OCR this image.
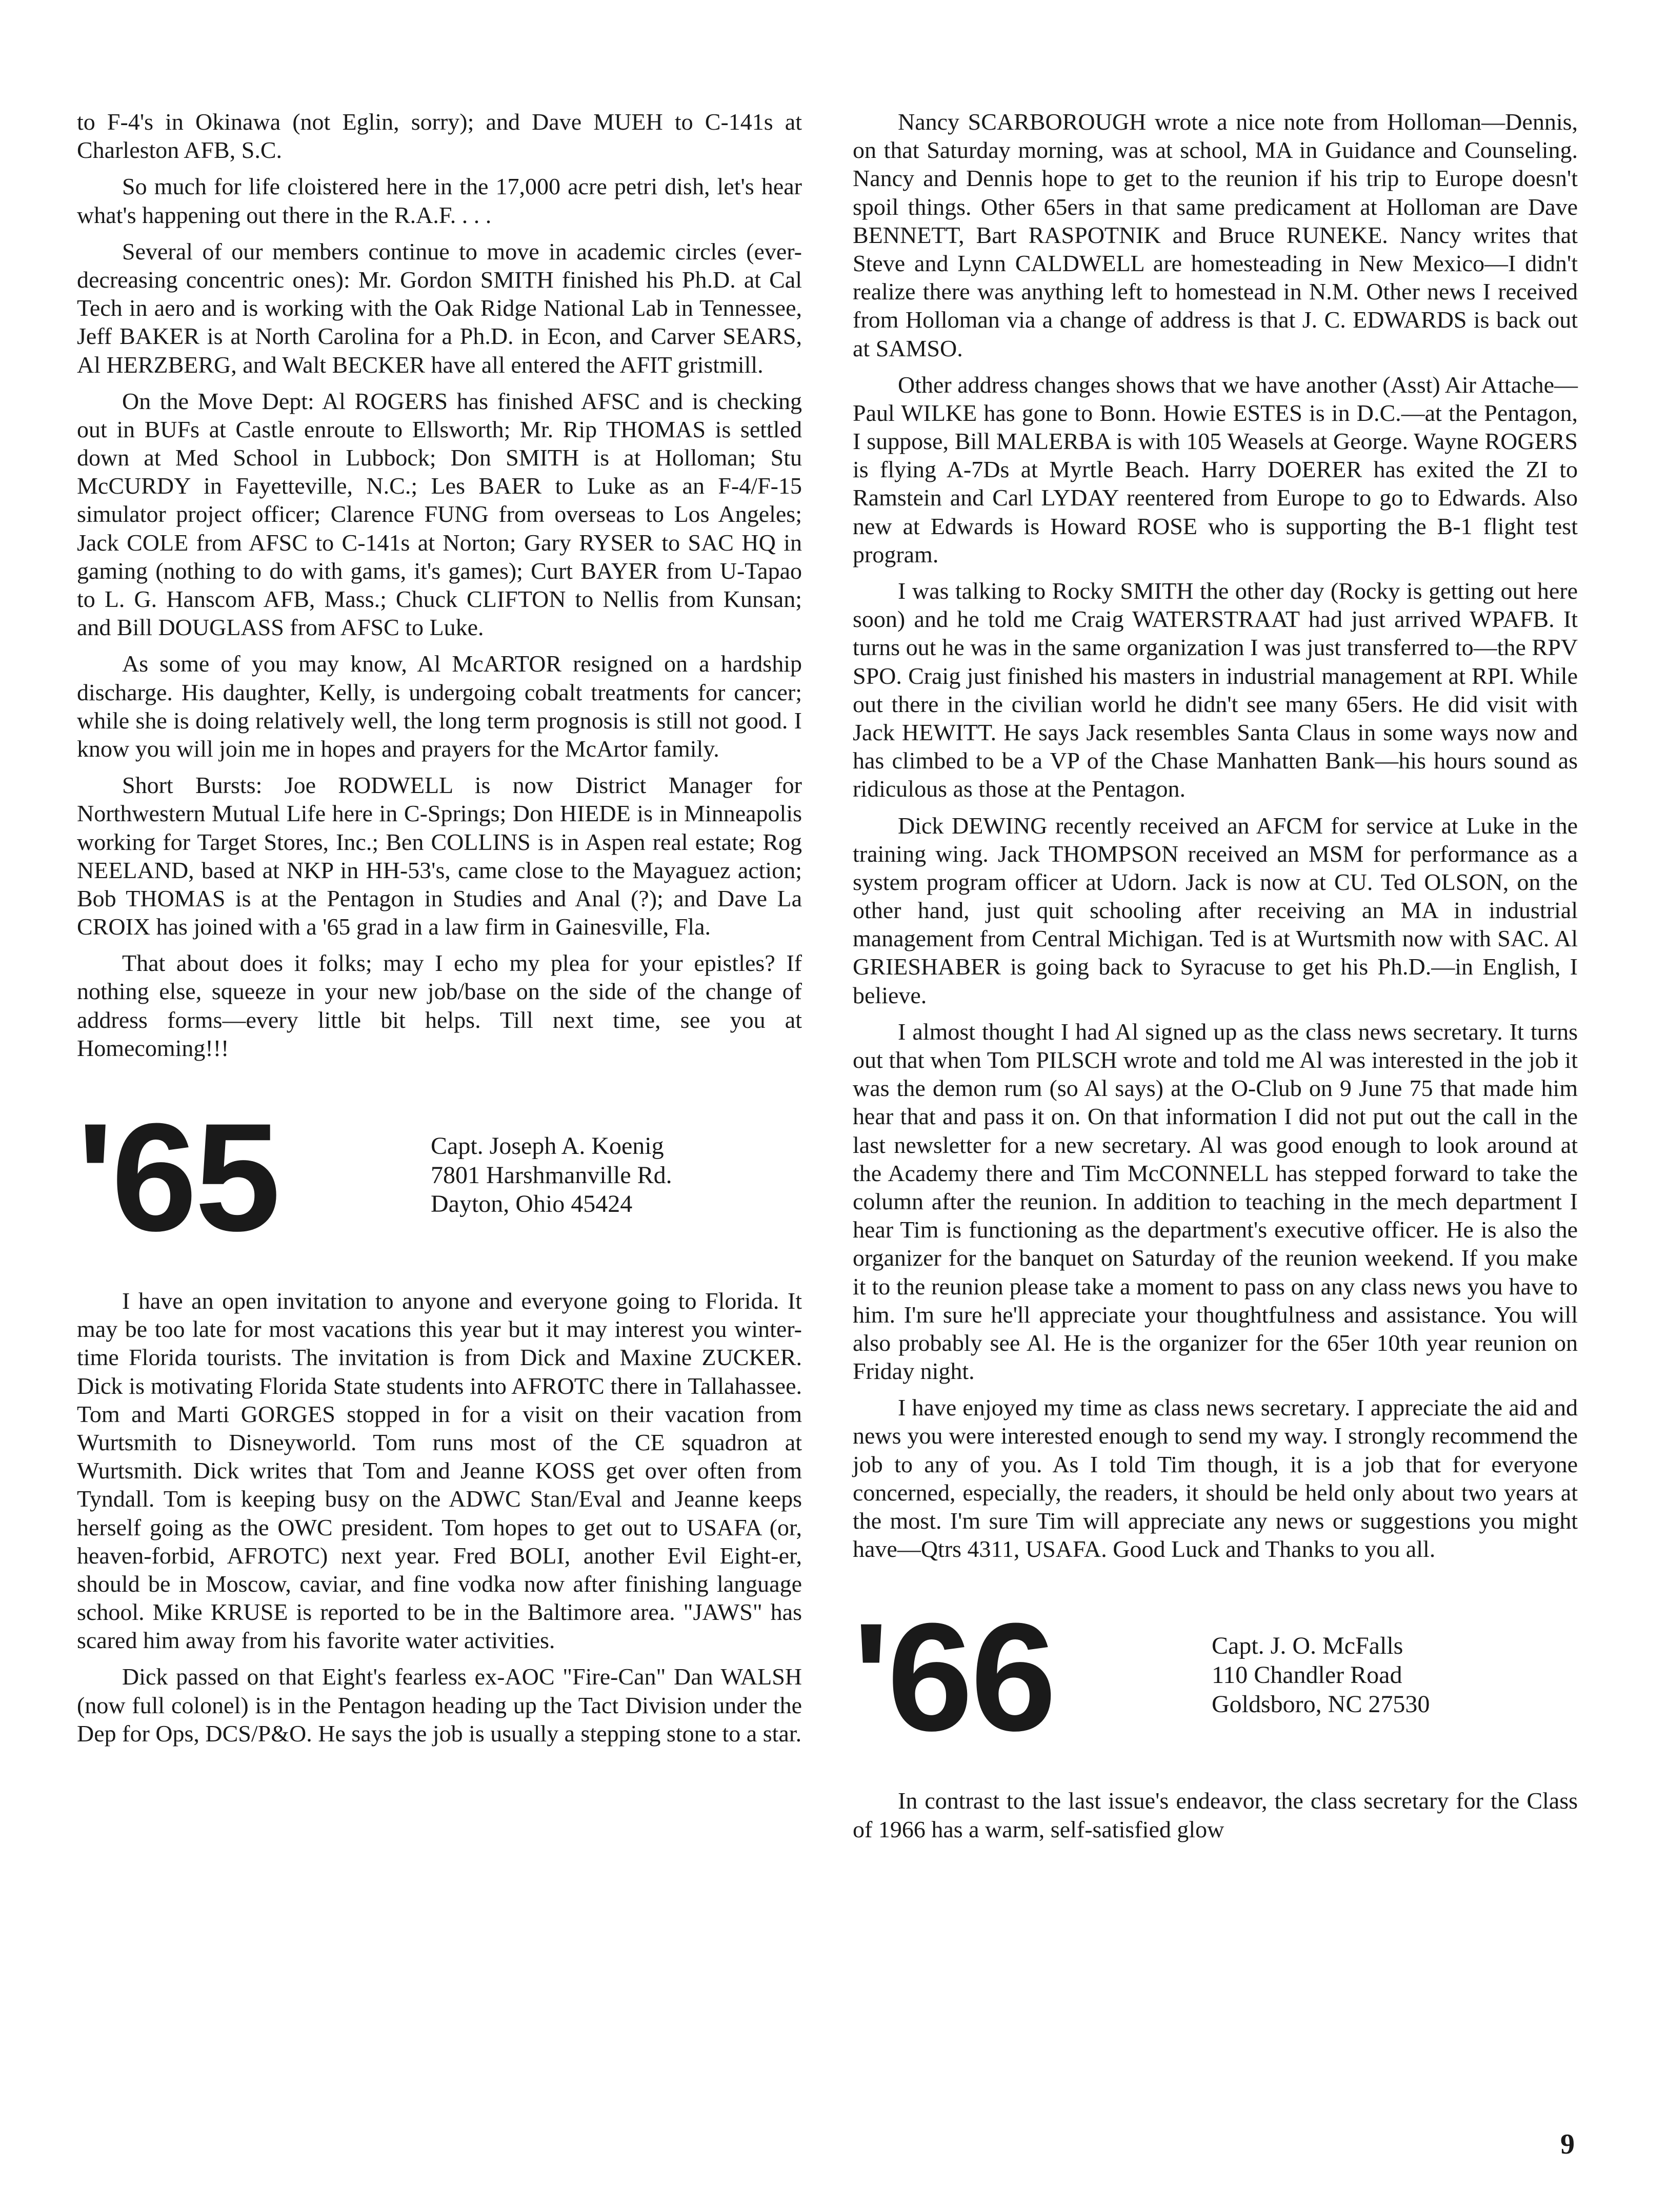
to F-4's in Okinawa (not Eglin, sorry); and Dave MUEH to C-141s at Charleston AFB, S.C.

So much for life cloistered here in the 17,000 acre petri dish, let's hear what's happening out there in the R.A.F. . . .

Several of our members continue to move in academic circles (ever-decreasing concentric ones): Mr. Gordon SMITH finished his Ph.D. at Cal Tech in aero and is working with the Oak Ridge National Lab in Tennessee, Jeff BAKER is at North Carolina for a Ph.D. in Econ, and Carver SEARS, Al HERZBERG, and Walt BECKER have all entered the AFIT gristmill.

On the Move Dept: Al ROGERS has finished AFSC and is checking out in BUFs at Castle enroute to Ellsworth; Mr. Rip THOMAS is settled down at Med School in Lubbock; Don SMITH is at Holloman; Stu McCURDY in Fayetteville, N.C.; Les BAER to Luke as an F-4/F-15 simulator project officer; Clarence FUNG from overseas to Los Angeles; Jack COLE from AFSC to C-141s at Norton; Gary RYSER to SAC HQ in gaming (nothing to do with gams, it's games); Curt BAYER from U-Tapao to L. G. Hanscom AFB, Mass.; Chuck CLIFTON to Nellis from Kunsan; and Bill DOUGLASS from AFSC to Luke.

As some of you may know, Al McARTOR resigned on a hardship discharge. His daughter, Kelly, is undergoing cobalt treatments for cancer; while she is doing relatively well, the long term prognosis is still not good. I know you will join me in hopes and prayers for the McArtor family.

Short Bursts: Joe RODWELL is now District Manager for Northwestern Mutual Life here in C-Springs; Don HIEDE is in Minneapolis working for Target Stores, Inc.; Ben COLLINS is in Aspen real estate; Rog NEELAND, based at NKP in HH-53's, came close to the Mayaguez action; Bob THOMAS is at the Pentagon in Studies and Anal (?); and Dave La CROIX has joined with a '65 grad in a law firm in Gainesville, Fla.

That about does it folks; may I echo my plea for your epistles? If nothing else, squeeze in your new job/base on the side of the change of address forms—every little bit helps. Till next time, see you at Homecoming!!!

'65	Capt. Joseph A. Koenig
7801 Harshmanville Rd.
Dayton, Ohio 45424

I have an open invitation to anyone and everyone going to Florida. It may be too late for most vacations this year but it may interest you winter-time Florida tourists. The invitation is from Dick and Maxine ZUCKER. Dick is motivating Florida State students into AFROTC there in Tallahassee. Tom and Marti GORGES stopped in for a visit on their vacation from Wurtsmith to Disneyworld. Tom runs most of the CE squadron at Wurtsmith. Dick writes that Tom and Jeanne KOSS get over often from Tyndall. Tom is keeping busy on the ADWC Stan/Eval and Jeanne keeps herself going as the OWC president. Tom hopes to get out to USAFA (or, heaven-forbid, AFROTC) next year. Fred BOLI, another Evil Eight-er, should be in Moscow, caviar, and fine vodka now after finishing language school. Mike KRUSE is reported to be in the Baltimore area. "JAWS" has scared him away from his favorite water activities.

Dick passed on that Eight's fearless ex-AOC "Fire-Can" Dan WALSH (now full colonel) is in the Pentagon heading up the Tact Division under the Dep for Ops, DCS/P&O. He says the job is usually a stepping stone to a star.

Nancy SCARBOROUGH wrote a nice note from Holloman—Dennis, on that Saturday morning, was at school, MA in Guidance and Counseling. Nancy and Dennis hope to get to the reunion if his trip to Europe doesn't spoil things. Other 65ers in that same predicament at Holloman are Dave BENNETT, Bart RASPOTNIK and Bruce RUNEKE. Nancy writes that Steve and Lynn CALDWELL are homesteading in New Mexico—I didn't realize there was anything left to homestead in N.M. Other news I received from Holloman via a change of address is that J. C. EDWARDS is back out at SAMSO.

Other address changes shows that we have another (Asst) Air Attache—Paul WILKE has gone to Bonn. Howie ESTES is in D.C.—at the Pentagon, I suppose, Bill MALERBA is with 105 Weasels at George. Wayne ROGERS is flying A-7Ds at Myrtle Beach. Harry DOERER has exited the ZI to Ramstein and Carl LYDAY reentered from Europe to go to Edwards. Also new at Edwards is Howard ROSE who is supporting the B-1 flight test program.

I was talking to Rocky SMITH the other day (Rocky is getting out here soon) and he told me Craig WATERSTRAAT had just arrived WPAFB. It turns out he was in the same organization I was just transferred to—the RPV SPO. Craig just finished his masters in industrial management at RPI. While out there in the civilian world he didn't see many 65ers. He did visit with Jack HEWITT. He says Jack resembles Santa Claus in some ways now and has climbed to be a VP of the Chase Manhatten Bank—his hours sound as ridiculous as those at the Pentagon.

Dick DEWING recently received an AFCM for service at Luke in the training wing. Jack THOMPSON received an MSM for performance as a system program officer at Udorn. Jack is now at CU. Ted OLSON, on the other hand, just quit schooling after receiving an MA in industrial management from Central Michigan. Ted is at Wurtsmith now with SAC. Al GRIESHABER is going back to Syracuse to get his Ph.D.—in English, I believe.

I almost thought I had Al signed up as the class news secretary. It turns out that when Tom PILSCH wrote and told me Al was interested in the job it was the demon rum (so Al says) at the O-Club on 9 June 75 that made him hear that and pass it on. On that information I did not put out the call in the last newsletter for a new secretary. Al was good enough to look around at the Academy there and Tim McCONNELL has stepped forward to take the column after the reunion. In addition to teaching in the mech department I hear Tim is functioning as the department's executive officer. He is also the organizer for the banquet on Saturday of the reunion weekend. If you make it to the reunion please take a moment to pass on any class news you have to him. I'm sure he'll appreciate your thoughtfulness and assistance. You will also probably see Al. He is the organizer for the 65er 10th year reunion on Friday night.

I have enjoyed my time as class news secretary. I appreciate the aid and news you were interested enough to send my way. I strongly recommend the job to any of you. As I told Tim though, it is a job that for everyone concerned, especially, the readers, it should be held only about two years at the most. I'm sure Tim will appreciate any news or suggestions you might have—Qtrs 4311, USAFA. Good Luck and Thanks to you all.

'66	Capt. J. O. McFalls
110 Chandler Road
Goldsboro, NC 27530

In contrast to the last issue's endeavor, the class secretary for the Class of 1966 has a warm, self-satisfied glow

9
